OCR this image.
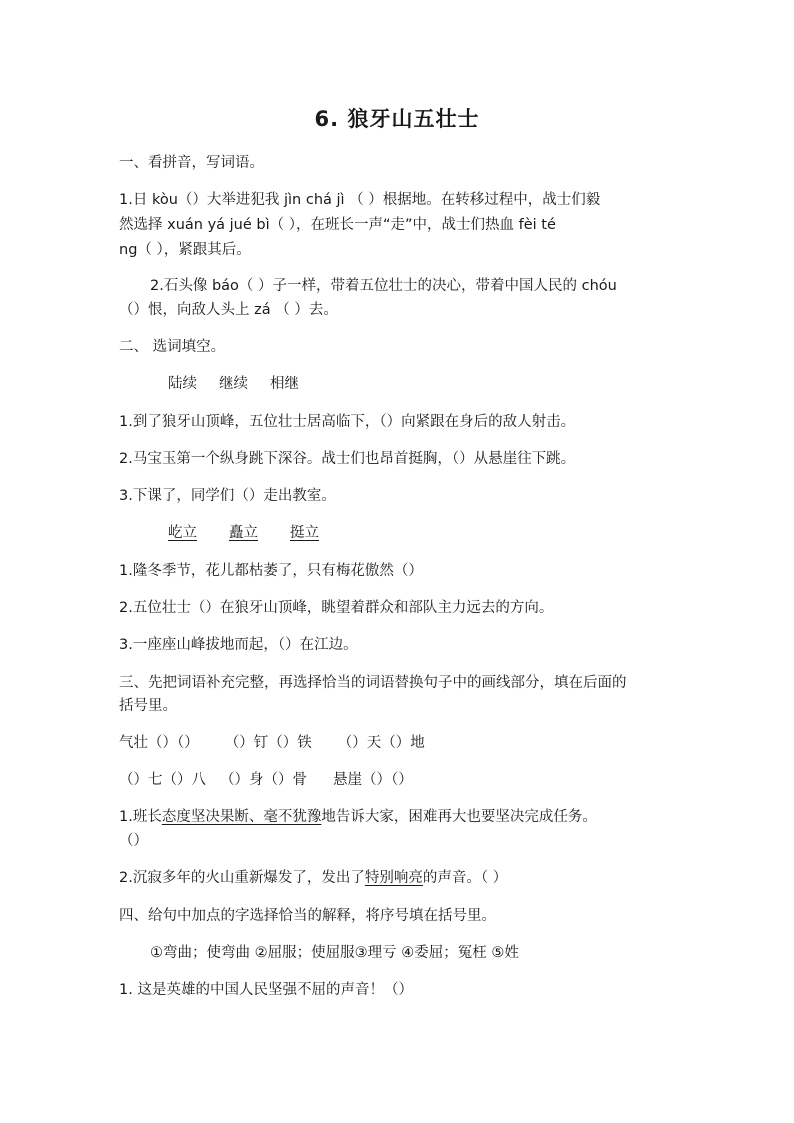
6. 狼牙山五壮士
一、看拼音，写词语。
1.日 kòu（）大举进犯我 jìn chá jì （ ）根据地。在转移过程中，战士们毅
然选择 xuán yá jué bì（ ），在班长一声“走”中，战士们热血 fèi té
ng（ ），紧跟其后。
2.石头像 báo（ ）子一样，带着五位壮士的决心，带着中国人民的 chóu
（）恨，向敌人头上 zá （ ）去。
二、 选词填空。
陆续 继续 相继
1.到了狼牙山顶峰，五位壮士居高临下，（）向紧跟在身后的敌人射击。
2.马宝玉第一个纵身跳下深谷。战士们也昂首挺胸，（）从悬崖往下跳。
3.下课了，同学们（）走出教室。
屹立 矗立 挺立
1.隆冬季节，花儿都枯萎了，只有梅花傲然（）
2.五位壮士（）在狼牙山顶峰，眺望着群众和部队主力远去的方向。
3.一座座山峰拔地而起，（）在江边。
三、先把词语补充完整，再选择恰当的词语替换句子中的画线部分，填在后面的
括号里。
气壮（）（） （）钉（）铁 （）天（）地
（）七（）八 （）身（）骨 悬崖（）（）
1.班长态度坚决果断、毫不犹豫地告诉大家，困难再大也要坚决完成任务。
（）
2.沉寂多年的火山重新爆发了，发出了特别响亮的声音。（ ）
四、给句中加点的字选择恰当的解释，将序号填在括号里。
①弯曲；使弯曲 ②屈服；使屈服③理亏 ④委屈；冤枉 ⑤姓
1. 这是英雄的中国人民坚强不屈的声音！（）
